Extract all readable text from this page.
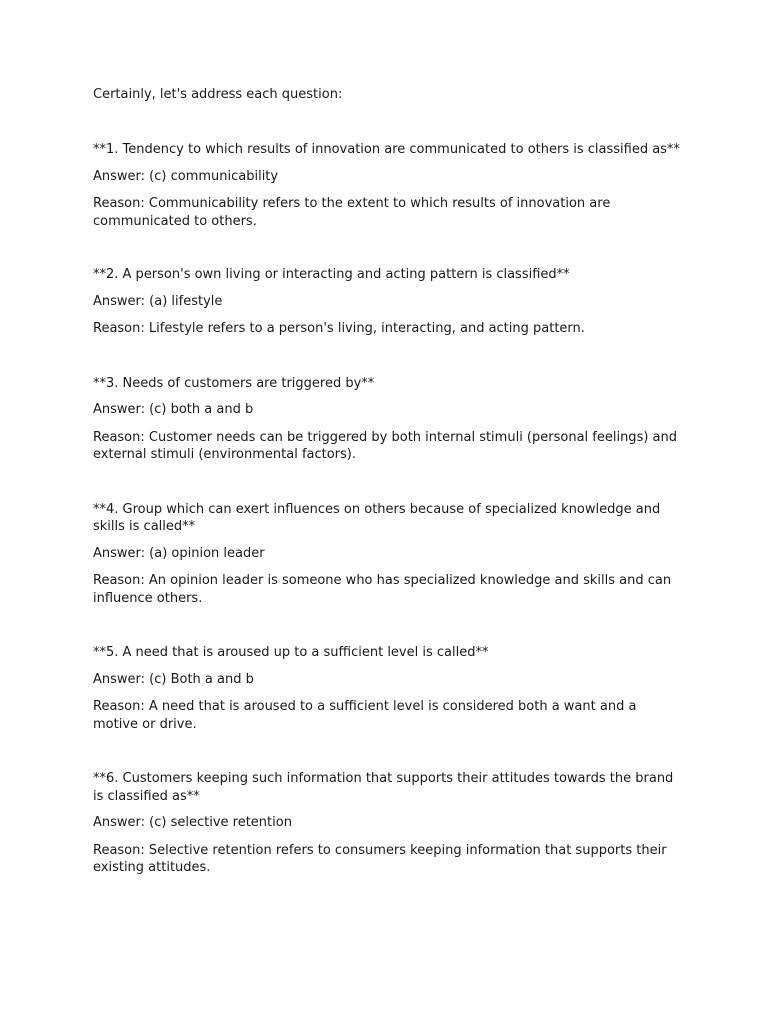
Certainly, let's address each question:

**1. Tendency to which results of innovation are communicated to others is classified as**

Answer: (c) communicability

Reason: Communicability refers to the extent to which results of innovation are communicated to others.

**2. A person's own living or interacting and acting pattern is classified**

Answer: (a) lifestyle

Reason: Lifestyle refers to a person's living, interacting, and acting pattern.

**3. Needs of customers are triggered by**

Answer: (c) both a and b

Reason: Customer needs can be triggered by both internal stimuli (personal feelings) and external stimuli (environmental factors).

**4. Group which can exert influences on others because of specialized knowledge and skills is called**

Answer: (a) opinion leader

Reason: An opinion leader is someone who has specialized knowledge and skills and can influence others.

**5. A need that is aroused up to a sufficient level is called**

Answer: (c) Both a and b

Reason: A need that is aroused to a sufficient level is considered both a want and a motive or drive.

**6. Customers keeping such information that supports their attitudes towards the brand is classified as**

Answer: (c) selective retention

Reason: Selective retention refers to consumers keeping information that supports their existing attitudes.
